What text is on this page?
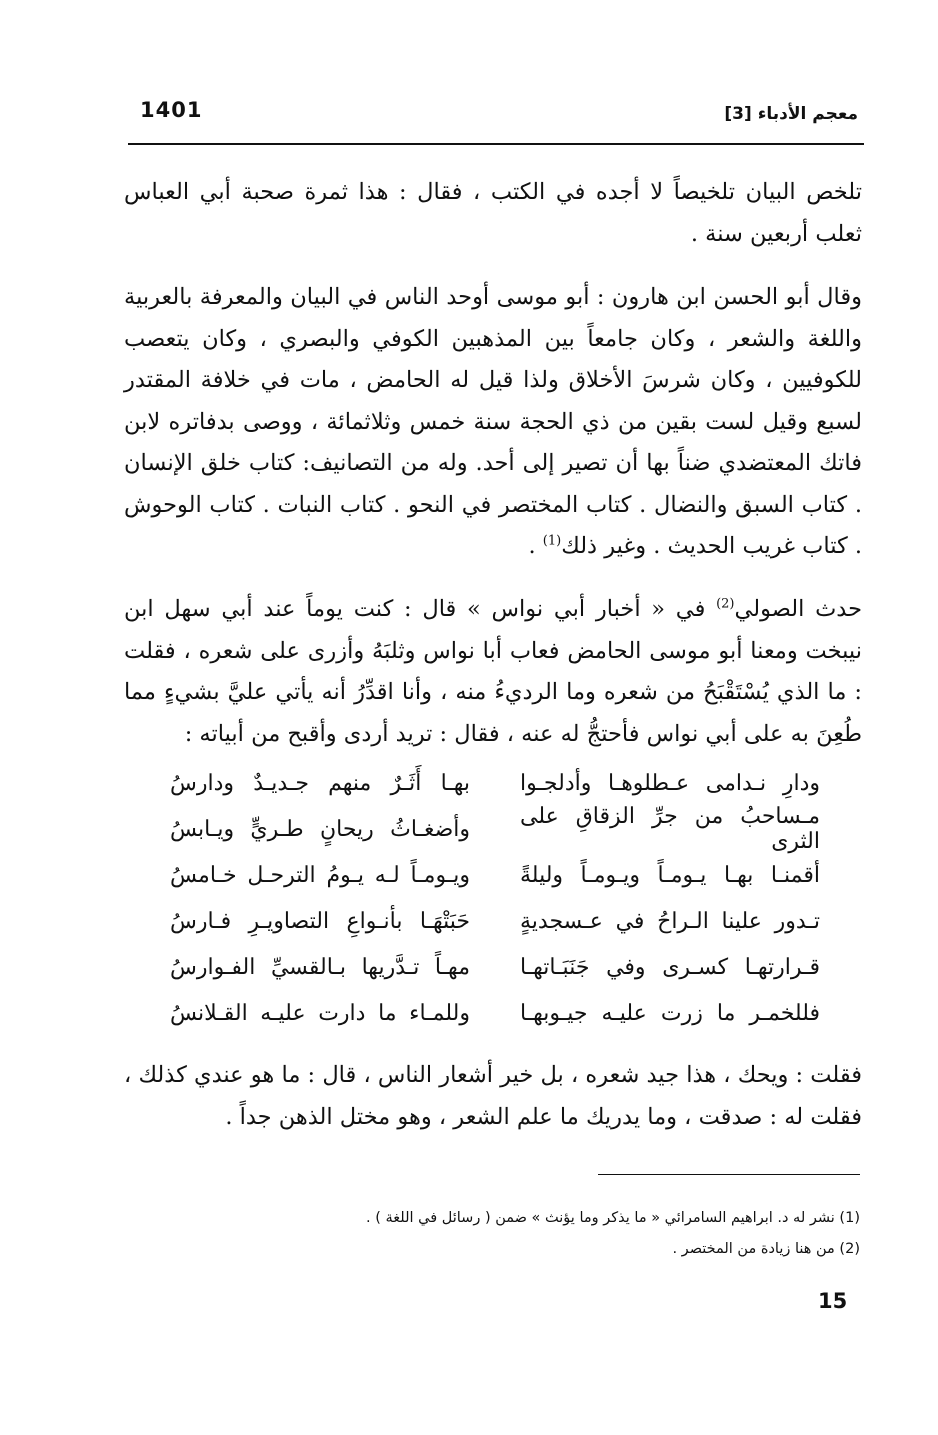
1401	معجم الأدباء [3]

تلخص البيان تلخيصاً لا أجده في الكتب ، فقال : هذا ثمرة صحبة أبي العباس ثعلب أربعين سنة .

وقال أبو الحسن ابن هارون : أبو موسى أوحد الناس في البيان والمعرفة بالعربية واللغة والشعر ، وكان جامعاً بين المذهبين الكوفي والبصري ، وكان يتعصب للكوفيين ، وكان شرسَ الأخلاق ولذا قيل له الحامض ، مات في خلافة المقتدر لسبع وقيل لست بقين من ذي الحجة سنة خمس وثلاثمائة ، ووصى بدفاتره لابن فاتك المعتضدي ضناً بها أن تصير إلى أحد. وله من التصانيف: كتاب خلق الإنسان . كتاب السبق والنضال . كتاب المختصر في النحو . كتاب النبات . كتاب الوحوش . كتاب غريب الحديث . وغير ذلك$^{(1)}$ .

حدث الصولي$^{(2)}$ في « أخبار أبي نواس » قال : كنت يوماً عند أبي سهل ابن نيبخت ومعنا أبو موسى الحامض فعاب أبا نواس وثلبَهُ وأزرى على شعره ، فقلت : ما الذي يُسْتَقْبَحُ من شعره وما الرديءُ منه ، وأنا اقدِّرُ أنه يأتي عليَّ بشيءٍ مما طُعِنَ به على أبي نواس فأحتجُّ له عنه ، فقال : تريد أردى وأقبح من أبياته :

ودارِ نـدامى عـطلوهـا وأدلجـوا
بهـا أَثَـرٌ منهم جـديـدٌ ودارسُ
مـساحبُ من جرِّ الزقاقِ على الثرى
وأضغـاثُ ريحانٍ طـريٍّ ويـابسُ
أقمنـا بهـا يـومـاً ويـومـاً وليلةً
ويـومـاً لـه يـومُ الترحـل خـامسُ
تـدور علينا الـراحُ في عـسجديةٍ
حَبَتْهَـا بأنـواعِ التصاويـرِ فـارسُ
قـرارتهـا كسـرى وفي جَنَبَـاتهـا
مهـاً تـدَّريها بـالقسيِّ الفـوارسُ
فللخمـر ما زرت عليـه جيـوبهـا
وللمـاء ما دارت عليـه القـلانسُ

فقلت : ويحك ، هذا جيد شعره ، بل خير أشعار الناس ، قال : ما هو عندي كذلك ، فقلت له : صدقت ، وما يدريك ما علم الشعر ، وهو مختل الذهن جداً .

(1) نشر له د. ابراهيم السامرائي « ما يذكر وما يؤنث » ضمن ( رسائل في اللغة ) .
(2) من هنا زيادة من المختصر .
15
